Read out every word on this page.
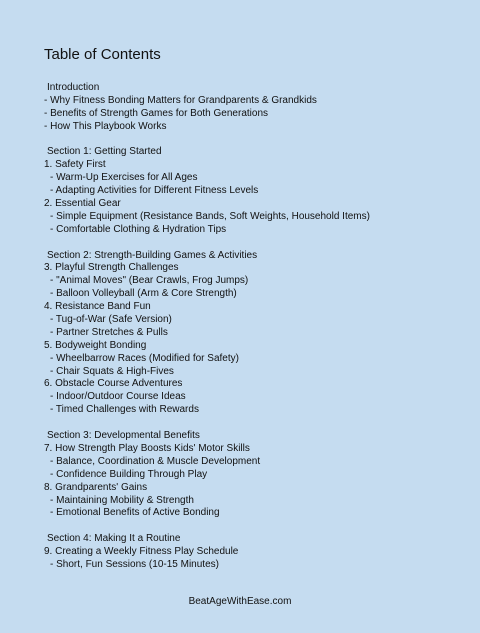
Table of Contents
Introduction
- Why Fitness Bonding Matters for Grandparents & Grandkids
- Benefits of Strength Games for Both Generations
- How This Playbook Works
Section 1: Getting Started
1. Safety First
- Warm-Up Exercises for All Ages
- Adapting Activities for Different Fitness Levels
2. Essential Gear
- Simple Equipment (Resistance Bands, Soft Weights, Household Items)
- Comfortable Clothing & Hydration Tips
Section 2: Strength-Building Games & Activities
3. Playful Strength Challenges
- "Animal Moves" (Bear Crawls, Frog Jumps)
- Balloon Volleyball (Arm & Core Strength)
4. Resistance Band Fun
- Tug-of-War (Safe Version)
- Partner Stretches & Pulls
5. Bodyweight Bonding
- Wheelbarrow Races (Modified for Safety)
- Chair Squats & High-Fives
6. Obstacle Course Adventures
- Indoor/Outdoor Course Ideas
- Timed Challenges with Rewards
Section 3: Developmental Benefits
7. How Strength Play Boosts Kids' Motor Skills
- Balance, Coordination & Muscle Development
- Confidence Building Through Play
8. Grandparents' Gains
- Maintaining Mobility & Strength
- Emotional Benefits of Active Bonding
Section 4: Making It a Routine
9. Creating a Weekly Fitness Play Schedule
- Short, Fun Sessions (10-15 Minutes)
BeatAgeWithEase.com
